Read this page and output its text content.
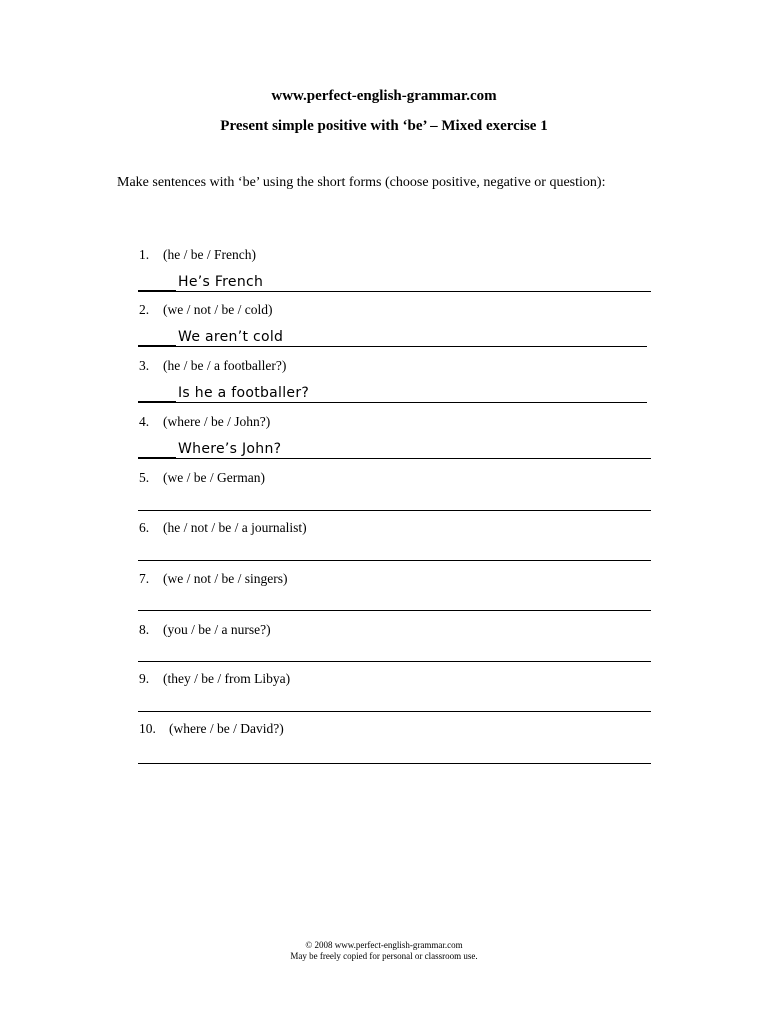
www.perfect-english-grammar.com
Present simple positive with ‘be’ – Mixed exercise 1
Make sentences with ‘be’ using the short forms (choose positive, negative or question):
1. (he / be / French)
He’s French
2. (we / not / be / cold)
We aren’t cold
3. (he / be / a footballer?)
Is he a footballer?
4. (where / be / John?)
Where’s John?
5. (we / be / German)
6. (he / not / be / a journalist)
7. (we / not / be / singers)
8. (you / be / a nurse?)
9. (they / be / from Libya)
10. (where / be / David?)
© 2008 www.perfect-english-grammar.com
May be freely copied for personal or classroom use.
